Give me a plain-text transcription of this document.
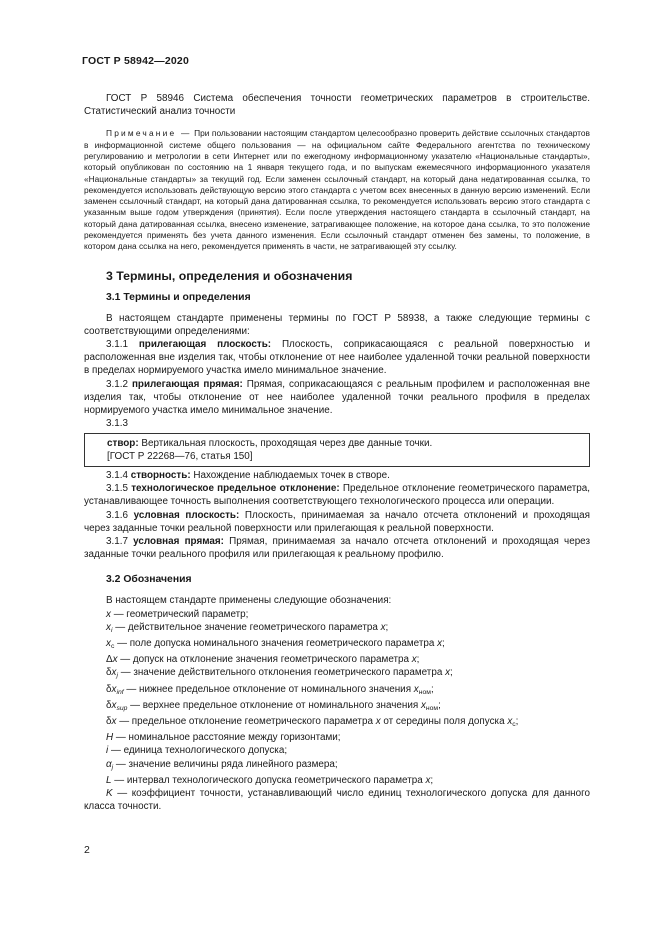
ГОСТ Р 58942—2020

ГОСТ Р 58946 Система обеспечения точности геометрических параметров в строительстве. Статистический анализ точности

Примечание — При пользовании настоящим стандартом целесообразно проверить действие ссылочных стандартов в информационной системе общего пользования — на официальном сайте Федерального агентства по техническому регулированию и метрологии в сети Интернет или по ежегодному информационному указателю «Национальные стандарты», который опубликован по состоянию на 1 января текущего года, и по выпускам ежемесячного информационного указателя «Национальные стандарты» за текущий год. Если заменен ссылочный стандарт, на который дана недатированная ссылка, то рекомендуется использовать действующую версию этого стандарта с учетом всех внесенных в данную версию изменений. Если заменен ссылочный стандарт, на который дана датированная ссылка, то рекомендуется использовать версию этого стандарта с указанным выше годом утверждения (принятия). Если после утверждения настоящего стандарта в ссылочный стандарт, на который дана датированная ссылка, внесено изменение, затрагивающее положение, на которое дана ссылка, то это положение рекомендуется применять без учета данного изменения. Если ссылочный стандарт отменен без замены, то положение, в котором дана ссылка на него, рекомендуется применять в части, не затрагивающей эту ссылку.

3 Термины, определения и обозначения
3.1 Термины и определения

В настоящем стандарте применены термины по ГОСТ Р 58938, а также следующие термины с соответствующими определениями:

3.1.1 прилегающая плоскость: Плоскость, соприкасающаяся с реальной поверхностью и расположенная вне изделия так, чтобы отклонение от нее наиболее удаленной точки реальной поверхности в пределах нормируемого участка имело минимальное значение.

3.1.2 прилегающая прямая: Прямая, соприкасающаяся с реальным профилем и расположенная вне изделия так, чтобы отклонение от нее наиболее удаленной точки реального профиля в пределах нормируемого участка имело минимальное значение.

3.1.3

створ: Вертикальная плоскость, проходящая через две данные точки.
[ГОСТ Р 22268—76, статья 150]

3.1.4 створность: Нахождение наблюдаемых точек в створе.

3.1.5 технологическое предельное отклонение: Предельное отклонение геометрического параметра, устанавливающее точность выполнения соответствующего технологического процесса или операции.

3.1.6 условная плоскость: Плоскость, принимаемая за начало отсчета отклонений и проходящая через заданные точки реальной поверхности или прилегающая к реальной поверхности.

3.1.7 условная прямая: Прямая, принимаемая за начало отсчета отклонений и проходящая через заданные точки реального профиля или прилегающая к реальному профилю.

3.2 Обозначения

В настоящем стандарте применены следующие обозначения:

x — геометрический параметр;
$x_i$ — действительное значение геометрического параметра x;
$x_c$ — поле допуска номинального значения геометрического параметра x;
Δx — допуск на отклонение значения геометрического параметра x;
$\delta x_j$ — значение действительного отклонения геометрического параметра x;
$\delta x_{inf}$ — нижнее предельное отклонение от номинального значения $x_{ном}$;
$\delta x_{sup}$ — верхнее предельное отклонение от номинального значения $x_{ном}$;
δx — предельное отклонение геометрического параметра x от середины поля допуска $x_с$;
H — номинальное расстояние между горизонтами;
i — единица технологического допуска;
$\alpha_j$ — значение величины ряда линейного размера;
L — интервал технологического допуска геометрического параметра x;

K — коэффициент точности, устанавливающий число единиц технологического допуска для данного класса точности.

2
